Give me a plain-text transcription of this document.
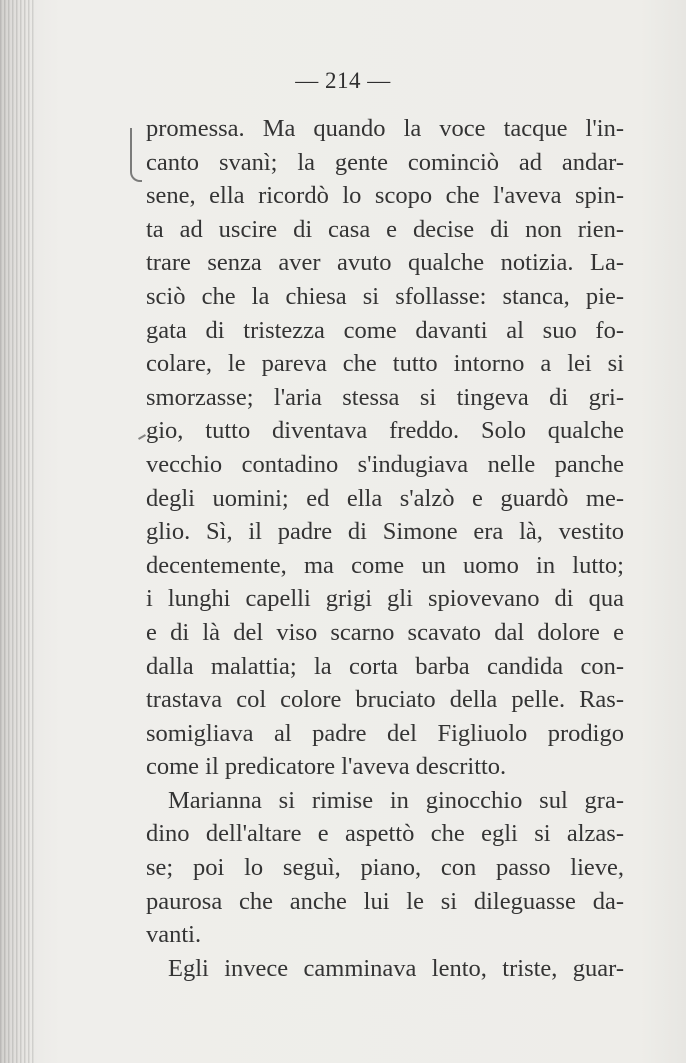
— 214 —
promessa. Ma quando la voce tacque l'in-
canto svanì; la gente cominciò ad andar-
sene, ella ricordò lo scopo che l'aveva spin-
ta ad uscire di casa e decise di non rien-
trare senza aver avuto qualche notizia. La-
sciò che la chiesa si sfollasse: stanca, pie-
gata di tristezza come davanti al suo fo-
colare, le pareva che tutto intorno a lei si
smorzasse; l'aria stessa si tingeva di gri-
gio, tutto diventava freddo. Solo qualche
vecchio contadino s'indugiava nelle panche
degli uomini; ed ella s'alzò e guardò me-
glio. Sì, il padre di Simone era là, vestito
decentemente, ma come un uomo in lutto;
i lunghi capelli grigi gli spiovevano di qua
e di là del viso scarno scavato dal dolore e
dalla malattia; la corta barba candida con-
trastava col colore bruciato della pelle. Ras-
somigliava al padre del Figliuolo prodigo
come il predicatore l'aveva descritto.
Marianna si rimise in ginocchio sul gra-
dino dell'altare e aspettò che egli si alzas-
se; poi lo seguì, piano, con passo lieve,
paurosa che anche lui le si dileguasse da-
vanti.
Egli invece camminava lento, triste, guar-
